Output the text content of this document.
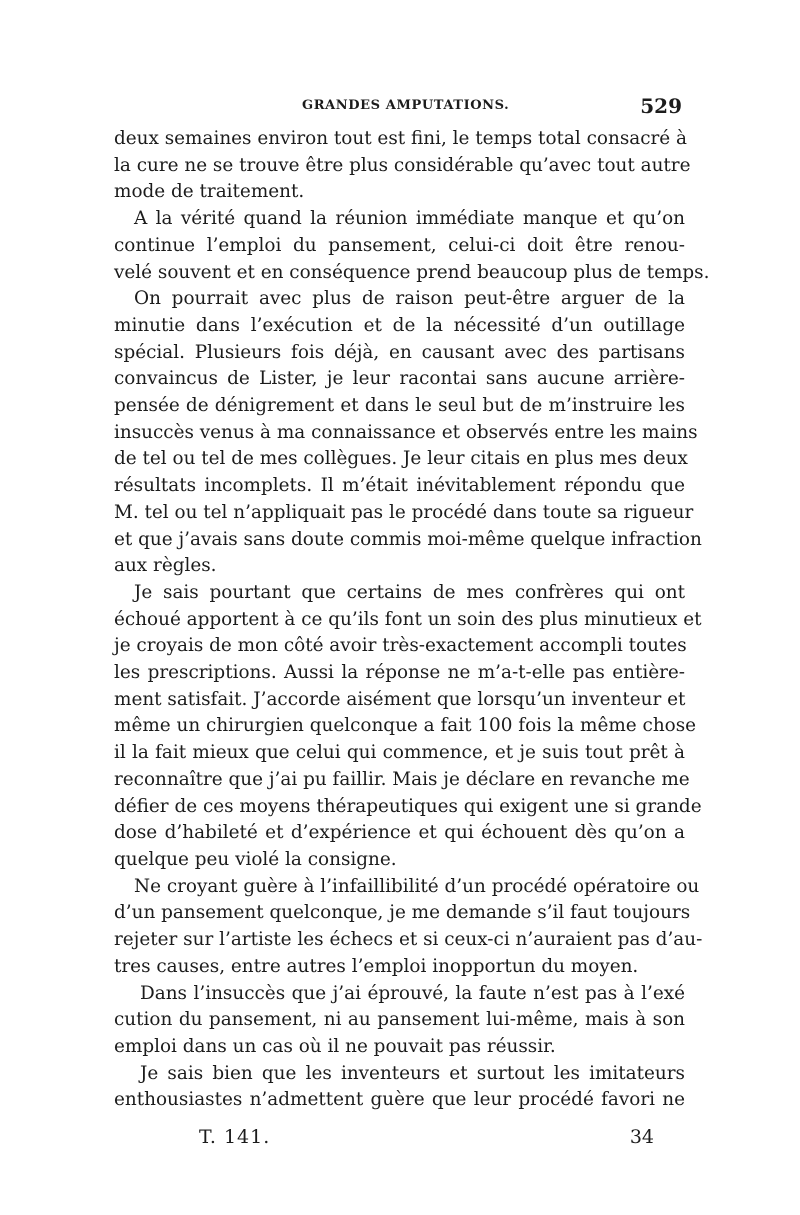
GRANDES AMPUTATIONS.	529
deux semaines environ tout est fini, le temps total consacré à
la cure ne se trouve être plus considérable qu’avec tout autre
mode de traitement.
A la vérité quand la réunion immédiate manque et qu’on
continue l’emploi du pansement, celui-ci doit être renou-
velé souvent et en conséquence prend beaucoup plus de temps.
On pourrait avec plus de raison peut-être arguer de la
minutie dans l’exécution et de la nécessité d’un outillage
spécial. Plusieurs fois déjà, en causant avec des partisans
convaincus de Lister, je leur racontai sans aucune arrière-
pensée de dénigrement et dans le seul but de m’instruire les
insuccès venus à ma connaissance et observés entre les mains
de tel ou tel de mes collègues. Je leur citais en plus mes deux
résultats incomplets. Il m’était inévitablement répondu que
M. tel ou tel n’appliquait pas le procédé dans toute sa rigueur
et que j’avais sans doute commis moi-même quelque infraction
aux règles.
Je sais pourtant que certains de mes confrères qui ont
échoué apportent à ce qu’ils font un soin des plus minutieux et
je croyais de mon côté avoir très-exactement accompli toutes
les prescriptions. Aussi la réponse ne m’a-t-elle pas entière-
ment satisfait. J’accorde aisément que lorsqu’un inventeur et
même un chirurgien quelconque a fait 100 fois la même chose
il la fait mieux que celui qui commence, et je suis tout prêt à
reconnaître que j’ai pu faillir. Mais je déclare en revanche me
défier de ces moyens thérapeutiques qui exigent une si grande
dose d’habileté et d’expérience et qui échouent dès qu’on a
quelque peu violé la consigne.
Ne croyant guère à l’infaillibilité d’un procédé opératoire ou
d’un pansement quelconque, je me demande s’il faut toujours
rejeter sur l’artiste les échecs et si ceux-ci n’auraient pas d’au-
tres causes, entre autres l’emploi inopportun du moyen.
Dans l’insuccès que j’ai éprouvé, la faute n’est pas à l’exé
cution du pansement, ni au pansement lui-même, mais à son
emploi dans un cas où il ne pouvait pas réussir.
Je sais bien que les inventeurs et surtout les imitateurs
enthousiastes n’admettent guère que leur procédé favori ne
T. 141.	34
